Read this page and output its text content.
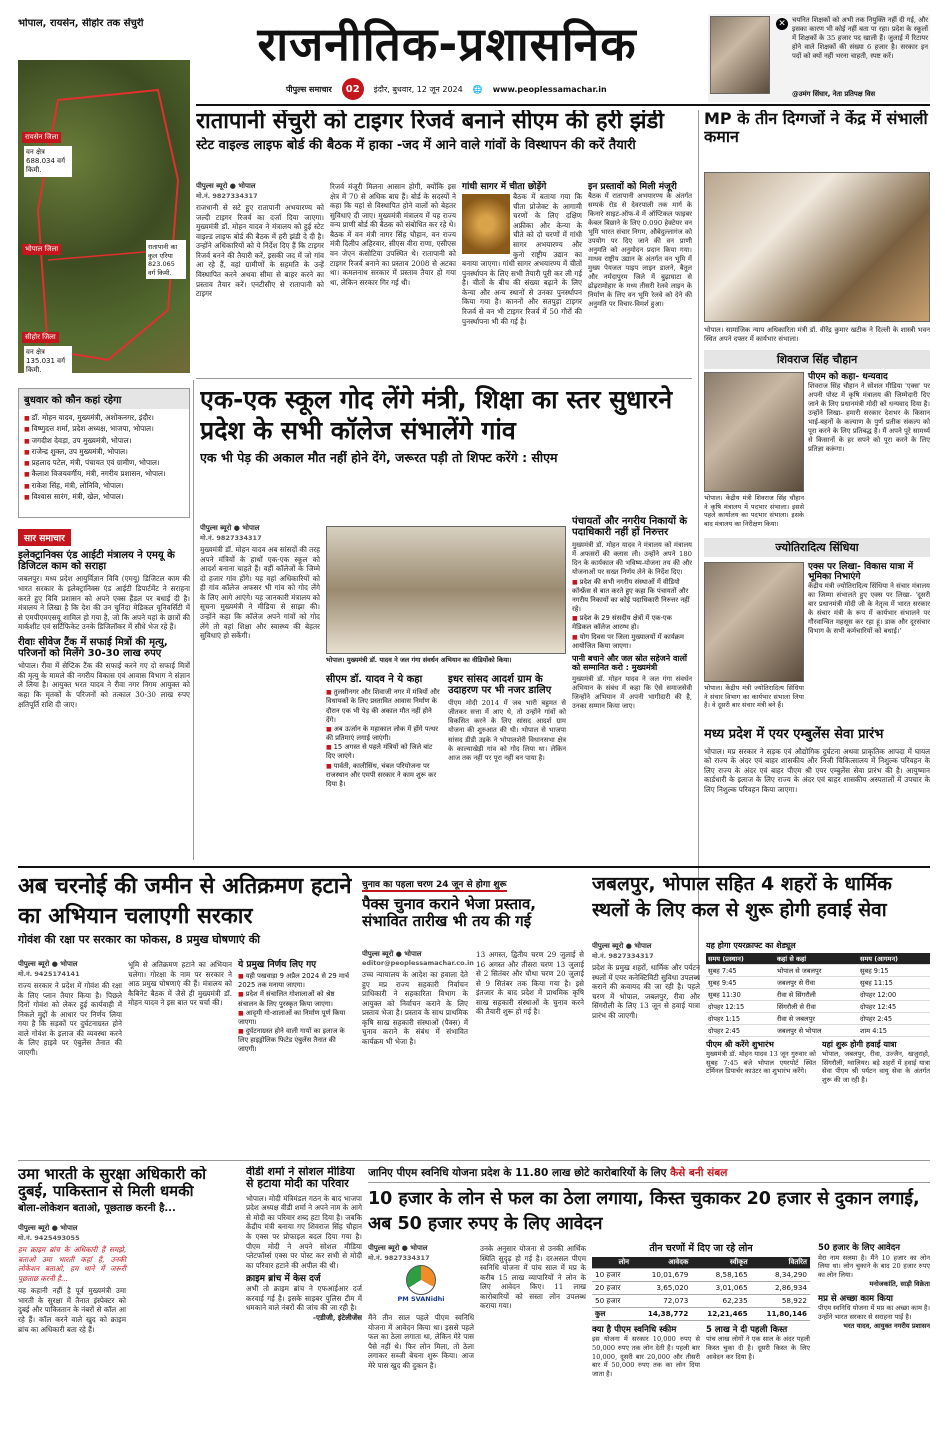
राजनीतिक-प्रशासनिक
पीपुल्स समाचार	02	इंदौर, बुधवार, 12 जून 2024 🌐 www.peoplessamachar.in
भोपाल, रायसेन, सीहोर तक सेंचुरी
रायसेन जिला
वन क्षेत्र 688.034 वर्ग किमी.
भोपाल जिला	रातापानी का कुल एरिया 823.065 वर्ग किमी.
सीहोर जिला
वन क्षेत्र 135.031 वर्ग किमी.
✕ चयनित शिक्षकों को अभी तक नियुक्ति नहीं दी गई, और इसका कारण भी कोई नहीं बता पा रहा। प्रदेश के स्कूलों में शिक्षकों के 35 हजार पद खाली हैं। जुलाई में रिटायर होने वाले शिक्षकों की संख्या 6 हजार है। सरकार इन पदों को क्यों नहीं भरना चाहती, स्पष्ट करें।
@उमंग सिंघार, नेता प्रतिपक्ष विस
रातापानी सेंचुरी को टाइगर रिजर्व बनाने सीएम की हरी झंडी
स्टेट वाइल्ड लाइफ बोर्ड की बैठक में हाका -जद में आने वाले गांवों के विस्थापन की करें तैयारी
पीपुल्स ब्यूरो ● भोपाल
मो.नं. 9827334317
राजधानी से सटे हुए रातापानी अभयारण्य को जल्दी टाइगर रिजर्व का दर्जा दिया जाएगा। मुख्यमंत्री डॉ. मोहन यादव ने मंत्रालय को हुई स्टेट वाइल्ड लाइफ बोर्ड की बैठक में हरी झंडी दे दी है। उन्होंने अधिकारियों को ये निर्देश दिए हैं कि टाइगर रिजर्व बनने की तैयारी करें, इसकी जद में जो गांव आ रहे हैं, वहां ग्रामीणों के सहमति के उन्हें विस्थापित करने अथवा सीमा से बाहर करने का प्रस्ताव तैयार करें। एनटीसीए से रातापानी को टाइगर
रिजर्व मंजूरी मिलना आसान होगी, क्योंकि इस क्षेत्र में 70 से अधिक बाघ हैं। बोर्ड के सदस्यों ने कहा कि यहां से विस्थापित होने वालों को बेहतर सुविधाएं दी जाए। मुख्यमंत्री मंत्रालय में यह राज्य वन्य प्राणी बोर्ड की बैठक को संबोधित कर रहे थे। बैठक में वन मंत्री नागर सिंह चौहान, वन राज्य मंत्री दिलीप अहिरवार, सीएस वीरा राणा, एसीएस वन जेएन कंसोटिया उपस्थित थे। रातापानी को टाइगर रिजर्व बनाने का प्रस्ताव 2008 से अटका था। कमलनाथ सरकार में प्रस्ताव तैयार हो गया था, लेकिन सरकार गिर गई थी।
गांधी सागर में चीता छोड़ेंगे
बैठक में बताया गया कि चीता प्रोजेक्ट के आगामी चरणों के लिए दक्षिण अफ्रीका और केन्या के चीते को दो चरणों में गांधी सागर अभयारण्य और कुनो राष्ट्रीय उद्यान का बनाया जाएगा। गांधी सागर अभयारण्य में चीतों पुनर्स्थापन के लिए सभी तैयारी पूरी कर ली गई है। चीतों के बीच की संख्या बढ़ाने के लिए केन्या और अन्य स्थानों से उनका पुनर्स्थापन किया गया है। काननों और सतपुड़ा टाइगर रिजर्व से वन भी टाइगर रिजर्व में 50 गौरों की पुनर्स्थापना भी की गई है।
इन प्रस्तावों को मिली मंजूरी
बैठक में रातापानी अभयारण्य के अंतर्गत सम्पर्क रोड से देवरपाली तक मार्ग के किनारे साइट-ऑफ-वे में ऑप्टिकल फाइबर केबल बिछाने के लिए 0.090 हेक्टेयर वन भूमि भारत संचार निगम, औबेदुल्लागंज को उपयोग पर दिए जाने की वन प्राणी अनुमति को अनुमोदन प्रदान किया गया। माधव राष्ट्रीय उद्यान के अंतर्गत वन भूमि में मुख्य पेयजल पाइप लाइन डालने, बैतूल और नर्मदापुरम जिले में बुढ़ाघाटा से ढोढ़रामोहार के मध्य तीसरी रेलवे लाइन के निर्माण के लिए वन भूमि रेलवे को देने की अनुमति पर विचार-विमर्श हुआ।
MP के तीन दिग्गजों ने केंद्र में संभाली कमान
भोपाल। सामाजिक न्याय अधिकारिता मंत्री डॉ. वीरेंद्र कुमार खटीक ने दिल्ली के शास्त्री भवन स्थित अपने दफ्तर में कार्यभार संभाला।
शिवराज सिंह चौहान
पीएम को कहा- धन्यवाद
शिवराज सिंह चौहान ने सोशल मीडिया 'एक्स' पर अपनी पोस्ट में कृषि मंत्रालय की जिम्मेदारी दिए जाने के लिए प्रधानमंत्री मोदी को धन्यवाद दिया है। उन्होंने लिखा- हमारी सरकार देशभर के किसान भाई-बहनों के कल्याण के पुर्ण प्रतीक संकल्प को पूरा करने के लिए प्रतिबद्ध है। मैं अपने पूरे सामर्थ्य से किसानों के हर सपने को पूरा करने के लिए प्रतिज्ञा करूंगा।
भोपाल। केंद्रीय मंत्री शिवराज सिंह चौहान ने कृषि मंत्रालय में पदभार संभाला। इससे पहले कार्यालय का पदभार संभाला। इसके बाद मंत्रालय का निरीक्षण किया।
ज्योतिरादित्य सिंधिया
एक्स पर लिखा- विकास यात्रा में भूमिका निभाएंगे
केंद्रीय मंत्री ज्योतिरादित्य सिंधिया ने संचार मंत्रालय का जिम्मा संभालते हुए एक्स पर लिखा- 'दूसरी बार प्रधानमंत्री मोदी जी के नेतृत्व में भारत सरकार के संचार मंत्री के रूप में कार्यभार संभालने पर गौरवान्वित महसूस कर रहा हूं। डाक और दूरसंचार विभाग के सभी कर्मचारियों को बधाई।'
भोपाल। केंद्रीय मंत्री ज्योतिरादित्य सिंधिया ने संचार विभाग का कार्यभार संभाला लिया है। वे दूसरी बार संचार मंत्री बने हैं।
मध्य प्रदेश में एयर एम्बुलेंस सेवा प्रारंभ
भोपाल। मप्र सरकार ने सड़क एवं औद्योगिक दुर्घटना अथवा प्राकृतिक आपदा में घायल को राज्य के अंदर एवं बाहर शासकीय और निजी चिकित्सालय में निशुल्क परिवहन के लिए राज्य के अंदर एवं बाहर पीएम श्री एयर एम्बुलेंस सेवा प्रारंभ की है। आयुष्मान कार्डधारी के इलाज के लिए राज्य के अंदर एवं बाहर शासकीय अस्पतालों में उपचार के लिए निशुल्क परिवहन किया जाएगा।
बुधवार को कौन कहां रहेगा
■ डॉ. मोहन यादव, मुख्यमंत्री, अशोकनगर, इंदौर।
■ विष्णुदत्त शर्मा, प्रदेश अध्यक्ष, भाजपा, भोपाल।
■ जगदीश देवड़ा, उप मुख्यमंत्री, भोपाल।
■ राजेन्द्र शुक्ल, उप मुख्यमंत्री, भोपाल।
■ प्रहलाद पटेल, मंत्री, पंचायत एवं ग्रामीण, भोपाल।
■ कैलाश विजयवर्गीय, मंत्री, नगरीय प्रशासन, भोपाल।
■ राकेश सिंह, मंत्री, लोनिवि, भोपाल।
■ विश्वास सारंग, मंत्री, खेल, भोपाल।
सार समाचार
इलेक्ट्रानिक्स एंड आईटी मंत्रालय ने एमयू के डिजिटल काम को सराहा
जबलपुर। मध्य प्रदेश आयुर्विज्ञान विवि (एमयू) डिजिटल काम की भारत सरकार के इलेक्ट्रानिक्स एंड आईटी डिपार्टमेंट ने सराहना करते हुए विवि प्रशासन को अपने एक्स हैंडल पर बधाई दी है। मंत्रालय ने लिखा है कि देश की उन चुनिंदा मेडिकल यूनिवर्सिटी में से एमपीएमएसयू शामिल हो गया है, जो कि अपने यहां के छात्रों की मार्कशीट एवं सर्टिफिकेट उनके डिजिलॉकर में सीधे भेज रहे हैं।
रीवाः सीवेज टैंक में सफाई मित्रों की मृत्यु, परिजनों को मिलेंगे 30-30 लाख रुपए
भोपाल। रीवा में सेप्टिक टैंक की सफाई करने गए दो सफाई मित्रों की मृत्यु के मामले की नगरीय विकास एवं आवास विभाग ने संज्ञान ले लिया है। आयुक्त भरत यादव ने रीवा नगर निगम आयुक्त को कहा कि मृतकों के परिजनों को तत्काल 30-30 लाख रुपए क्षतिपूर्ति राशि दी जाए।
एक-एक स्कूल गोद लेंगे मंत्री, शिक्षा का स्तर सुधारने प्रदेश के सभी कॉलेज संभालेंगे गांव
एक भी पेड़ की अकाल मौत नहीं होने देंगे, जरूरत पड़ी तो शिफ्ट करेंगे : सीएम
पीपुल्स ब्यूरो ● भोपाल
मो.नं. 9827334317
मुख्यमंत्री डॉ. मोहन यादव अब सांसदों की तरह अपने मंत्रियों के हाथों एक-एक स्कूल को आदर्श बनाना चाहते हैं। वहीं कॉलेजों के जिम्मे दो हजार गांव होंगे। यह वहां अधिकारियों को ही गांव कॉलेज अफसर भी गांव को गोद लेंगे के लिए आगे आएंगे। यह जानकारी मंत्रालय को सूचना मुख्यमंत्री ने मीडिया से साझा की। उन्होंने कहा कि कॉलेज अपने गांवों को गोद लेंगे तो वहां शिक्षा और स्वास्थ्य की बेहतर सुविधाएं हो सकेंगी।
भोपाल। मुख्यमंत्री डॉ. यादव ने जल गंगा संवर्धन अभियान का वीडियोंको किया।
सीएम डॉ. यादव ने ये कहा
■ तुलसीनगर और शिवाजी नगर में मंत्रियों और विधायकों के लिए प्रस्तावित आवास निर्माण के दौरान एक भी पेड़ की अकाल मौत नहीं होने देंगे।
■ अब ऊर्जान के महाकाल लोक में होंगे पत्थर की प्रतिमाएं लगाई जाएंगी।
■ 15 अगस्त से पहले मंत्रियों को जिले बांट दिए जाएंगे।
■ पार्वती, कालीसिंध, चंबल परियोजना पर राजस्थान और एमपी सरकार ने काम शुरू कर दिया है।
इधर सांसद आदर्श ग्राम के उदाहरण पर भी नजर डालिए
पीएम मोदी 2014 में जब भारी बहुमत से जीतकर सत्ता में आए थे, तो उन्होंने गांवों को विकसित करने के लिए सांसद आदर्श ग्राम योजना की शुरुआत की थी। भोपाल से भाजपा सांसद डीडी उइके ने भोपालशेरी विधानसभा क्षेत्र के काल्याखेड़ी गांव को गोद लिया था। लेकिन आज तक नहीं पर पूरा नहीं बन पाया है।
पंचायतों और नगरीय निकायों के पदाधिकारी नहीं हों निरुत्तर
मुख्यमंत्री डॉ. मोहन यादव ने मंत्रालय को मंत्रालय में अफसरों की क्लास ली। उन्होंने अपने 180 दिन के कार्यकाल की भविष्य-योजना तय की और योजनाओं पर सख्त निर्णय लेने के निर्देश दिए।
■ प्रदेश की सभी नगरीय संस्थाओं में वीडियो कॉन्फ्रेंस से बात करते हुए कहा कि पंचायतों और नगरीय निकायों का कोई पदाधिकारी निरुत्तर नहीं रहे।
■ प्रदेश के 29 संसदीय क्षेत्रों में एक-एक मेडिकल कॉलेज आरम्भ हो।
■ योग दिवस पर जिला मुख्यालयों में कार्यक्रम आयोजित किया जाएगा।
पानी बचाने और जल स्रोत सहेजने वालों को सम्मानित करो : मुख्यमंत्री
मुख्यमंत्री डॉ. मोहन यादव ने जल गंगा संवर्धन अभियान के संबंध में कहा कि ऐसे समाजसेवी जिन्होंने अभियान में अपनी भागीदारी की है, उनका सम्मान किया जाए।
अब चरनोई की जमीन से अतिक्रमण हटाने का अभियान चलाएगी सरकार
गोवंश की रक्षा पर सरकार का फोकस, 8 प्रमुख घोषणाएं की
पीपुल्स ब्यूरो ● भोपाल
मो.नं. 9425174141
राज्य सरकार ने प्रदेश में गोवंश की रक्षा के लिए प्लान तैयार किया है। पिछले दिनों गोवंश को लेकर हुई कार्यवाही में निकले मुद्दों के आधार पर निर्णय लिया गया है कि सड़कों पर दुर्घटनाग्रस्त होने वाले गोवंश के इलाज की व्यवस्था करने के लिए हाइवे पर एंबुलेंस तैनात की जाएगी।
भूमि से अतिक्रमण हटाने का अभियान चलेगा। गोरक्षा के नाम पर सरकार ने आठ प्रमुख घोषणाएं की हैं। मंत्रालय को कैबिनेट बैठक में जैसे ही मुख्यमंत्री डॉ. मोहन यादव ने इस बात पर चर्चा की।
ये प्रमुख निर्णय लिए गए
■ यही पखवाड़ा 9 अप्रैल 2024 से 29 मार्च 2025 तक मनाया जाएगा।
■ प्रदेश में संचालित गोशालाओं को श्रेष्ठ संचालन के लिए पुरस्कृत किया जाएगा।
■ आदृमी गो-शालाओं का निर्माण पूर्ण किया जाएगा।
■ दुर्घटनाग्रस्त होने वाली गायों का इलाज के लिए हाइड्रोलिक फिटेड एंबुलेंस तैनात की जाएगी।
चुनाव का पहला चरण 24 जून से होगा शुरू
पैक्स चुनाव कराने भेजा प्रस्ताव, संभावित तारीख भी तय की गई
पीपुल्स ब्यूरो ● भोपाल
editor@peoplessamachar.co.in
उच्च न्यायालय के आदेश का हवाला देते हुए मप्र राज्य सहकारी निर्वाचन प्राधिकारी ने सहकारिता विभाग के आयुक्त को निर्वाचन कराने के लिए प्रस्ताव भेजा है। प्रस्ताव के साथ प्राथमिक कृषि साख सहकारी संस्थाओं (पैक्स) में चुनाव कराने के संबंध में संभावित कार्यक्रम भी भेजा है।
13 अगस्त, द्वितीय चरण 29 जुलाई से 16 अगस्त और तीसरा चरण 13 जुलाई से 2 सितंबर और चौथा चरण 20 जुलाई से 9 सितंबर तक किया गया है। इसे इंतजार के बाद प्रदेश में प्राथमिक कृषि साख सहकारी संस्थाओं के चुनाव करने की तैयारी शुरू हो गई है।
जबलपुर, भोपाल सहित 4 शहरों के धार्मिक स्थलों के लिए कल से शुरू होगी हवाई सेवा
पीपुल्स ब्यूरो ● भोपाल
मो.नं. 9827334317
प्रदेश के प्रमुख शहरों, धार्मिक और पर्यटन स्थलों में एयर कनेक्टिविटी सुविधा उपलब्ध कराने की कवायद की जा रही है। पहले चरण में भोपाल, जबलपुर, रीवा और सिंगरौली के लिए 13 जून से हवाई यात्रा प्रारंभ की जाएगी।
यह होगा एयरक्राफ्ट का शेड्यूल
समय (प्रस्थान)	कहां से कहां	समय (आगमन)
सुबह 7:45	भोपाल से जबलपुर	सुबह 9:15
सुबह 9:45	जबलपुर से रीवा	सुबह 11:15
सुबह 11:30	रीवा से सिंगरौली	दोपहर 12:00
दोपहर 12:15	सिंगरौली से रीवा	दोपहर 12:45
दोपहर 1:15	रीवा से जबलपुर	दोपहर 2:45
दोपहर 2:45	जबलपुर से भोपाल	शाम 4:15
पीएम श्री करेंगे शुभारंभ
मुख्यमंत्री डॉ. मोहन यादव 13 जून गुरुवार को सुबह 7:45 बजे भोपाल एयरपोर्ट स्थित टर्मिनल डिपार्चर काउंटर का शुभारंभ करेंगे।
यहां शुरू होगी हवाई यात्रा
भोपाल, जबलपुर, रीवा, उज्जैन, खजुराहो, सिंगरौली, ग्वालियर। बड़े शहरों में हवाई यात्रा सेवा पीएम श्री पर्यटन वायु सेवा के अंतर्गत शुरू की जा रही है।
उमा भारती के सुरक्षा अधिकारी को दुबई, पाकिस्तान से मिली धमकी
बोला-लोकेशन बताओ, पूछताछ करनी है...
पीपुल्स ब्यूरो ● भोपाल
मो.नं. 9425493055
हम क्राइम ब्रांच के अधिकारी हैं समझे, बताओ उमा भारती कहां है, उनकी लोकेशन बताओ, हम थाने में जरूरी पूछताछ करनी है...
यह कहानी नहीं है पूर्व मुख्यमंत्री उमा भारती के सुरक्षा में तैनात इंस्पेक्टर को दुबई और पाकिस्तान के नंबरों से कॉल आ रहे हैं। कॉल करने वाले खुद को क्राइम ब्रांच का अधिकारी बता रहे हैं।
वीडी शर्मा ने सोशल मीडिया से हटाया मोदी का परिवार
भोपाल। मोदी मंत्रिमंडल गठन के बाद भाजपा प्रदेश अध्यक्ष वीडी शर्मा ने अपने नाम के आगे से मोदी का परिवार शब्द हटा दिया है। जबकि केंद्रीय मंत्री बनाया गए शिवराज सिंह चौहान के एक्स पर प्रोफाइल बदल दिया गया है। पीएम मोदी ने अपने सोशल मीडिया प्लेटफॉर्म्स एक्स पर पोस्ट कर सभी से मोदी का परिवार हटाने की अपील की थी।
क्राइम ब्रांच में केस दर्ज
अभी तो क्राइम ब्रांच ने एफआईआर दर्ज करवाई गई है। इसके साइबर पुलिस टीम में धमकाने वाले नंबरों की जांच की जा रही है।
-एडीजी, इंटेलीजेंस
जानिए पीएम स्वनिधि योजना प्रदेश के 11.80 लाख छोटे कारोबारियों के लिए कैसे बनी संबल
10 हजार के लोन से फल का ठेला लगाया, किस्त चुकाकर 20 हजार से दुकान लगाई, अब 50 हजार रुपए के लिए आवेदन
पीपुल्स ब्यूरो ● भोपाल
मो.नं. 9827334317
PM SVANidhi
मैंने तीन साल पहले पीएम स्वनिधि योजना में आवेदन किया था। इससे पहले फल का ठेला लगाता था, लेकिन मेरे पास पैसे नहीं थे। फिर लोन मिला, तो ठेला लगाकर सब्जी बेचना शुरू किया। आज मेरे पास खुद की दुकान है।
उनके अनुसार योजना से उनकी आर्थिक स्थिति सुदृढ़ हो गई है। दरअसल पीएम स्वनिधि योजना में पांच साल में मप्र के करीब 15 लाख व्यापारियों ने लोन के लिए आवेदन किए। 11 लाख कारोबारियों को सस्ता लोन उपलब्ध कराया गया।
तीन चरणों में दिए जा रहे लोन
लोन	आवेदक	स्वीकृत	वितरित
10 हजार	10,01,679	8,58,165	8,34,290
20 हजार	3,65,020	3,01,065	2,86,934
50 हजार	72,073	62,235	58,922
कुल	14,38,772	12,21,465	11,80,146
क्या है पीएम स्वनिधि स्कीम
इस योजना में सरकार 10,000 रुपए से 50,000 रुपए तक लोन देती है। पहली बार 10,000, दूसरी बार 20,000 और तीसरी बार में 50,000 रुपए तक का लोन दिया जाता है।
5 लाख ने दी पहली किस्त
पांच लाख लोगों ने एक साल के अंदर पहली किस्त चुका दी है। दूसरी किस्त के लिए आवेदन कर दिया है।
50 हजार के लिए आवेदन
मेरा नाम सलमा है। मैंने 10 हजार का लोन लिया था। लोन चुकाने के बाद 20 हजार रुपए का लोन लिया।
मनोजकांति, साड़ी विक्रेता
मप्र से अच्छा काम किया
पीएम स्वनिधि योजना में मप्र का अच्छा काम है। उन्होंने भारत सरकार से सराहना पाई है।
भरत यादव, आयुक्त नगरीय प्रशासन
